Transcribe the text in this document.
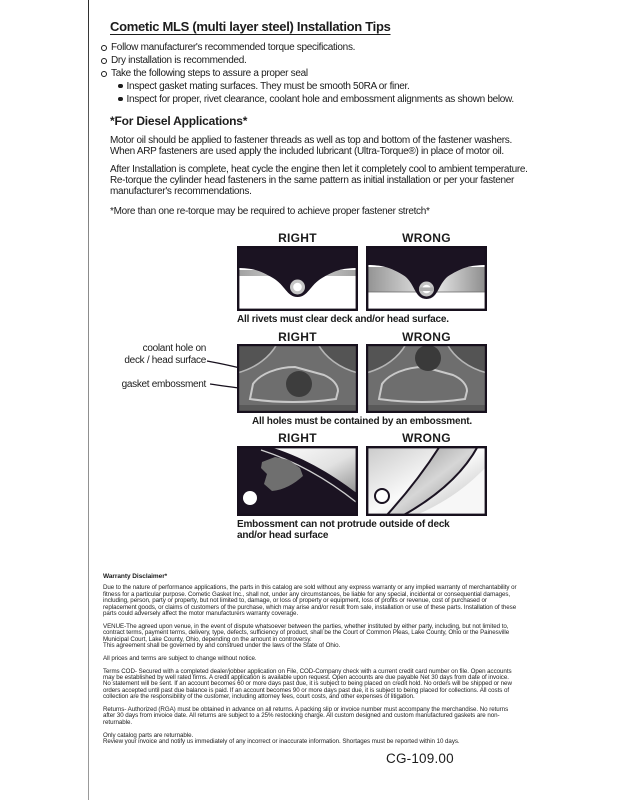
Cometic MLS (multi layer steel) Installation Tips
Follow manufacturer's recommended torque specifications.
Dry installation is recommended.
Take the following steps to assure a proper seal
Inspect gasket mating surfaces. They must be smooth 50RA or finer.
Inspect for proper, rivet clearance, coolant hole and embossment alignments as shown below.
*For Diesel Applications*

Motor oil should be applied to fastener threads as well as top and bottom of the fastener washers. When ARP fasteners are used apply the included lubricant (Ultra-Torque®) in place of motor oil.

After Installation is complete, heat cycle the engine then let it completely cool to ambient temperature. Re-torque the cylinder head fasteners in the same pattern as initial installation or per your fastener manufacturer's recommendations.

*More than one re-torque may be required to achieve proper fastener stretch*

RIGHT	WRONG
All rivets must clear deck and/or head surface.
RIGHT	WRONG
coolant hole on
deck / head surface
gasket embossment
All holes must be contained by an embossment.
RIGHT	WRONG
Embossment can not protrude outside of deck
and/or head surface

Warranty Disclaimer*

Due to the nature of performance applications, the parts in this catalog are sold without any express warranty or any implied warranty of merchantability or fitness for a particular purpose. Cometic Gasket Inc., shall not, under any circumstances, be liable for any special, incidental or consequential damages, including, person, party or property, but not limited to, damage, or loss of property or equipment, loss of profits or revenue, cost of purchased or replacement goods, or claims of customers of the purchase, which may arise and/or result from sale, installation or use of these parts. Installation of these parts could adversely affect the motor manufacturers warranty coverage.

VENUE-The agreed upon venue, in the event of dispute whatsoever between the parties, whether instituted by either party, including, but not limited to, contract terms, payment terms, delivery, type, defects, sufficiency of product, shall be the Court of Common Pleas, Lake County, Ohio or the Painesville Municipal Court, Lake County, Ohio, depending on the amount in controversy.

This agreement shall be governed by and construed under the laws of the State of Ohio.

All prices and terms are subject to change without notice.

Terms COD- Secured with a completed dealer/jobber application on File, COD-Company check with a current credit card number on file. Open accounts may be established by well rated firms. A credit application is available upon request. Open accounts are due payable Net 30 days from date of invoice. No statement will be sent. If an account becomes 60 or more days past due, it is subject to being placed on credit hold. No orders will be shipped or new orders accepted until past due balance is paid. If an account becomes 90 or more days past due, it is subject to being placed for collections. All costs of collection are the responsibility of the customer, including attorney fees, court costs, and other expenses of litigation.

Returns- Authorized (RGA) must be obtained in advance on all returns. A packing slip or invoice number must accompany the merchandise. No returns after 30 days from invoice date. All returns are subject to a 25% restocking charge. All custom designed and custom manufactured gaskets are non-returnable.

Only catalog parts are returnable.

Review your invoice and notify us immediately of any incorrect or inaccurate information. Shortages must be reported within 10 days.

CG-109.00
